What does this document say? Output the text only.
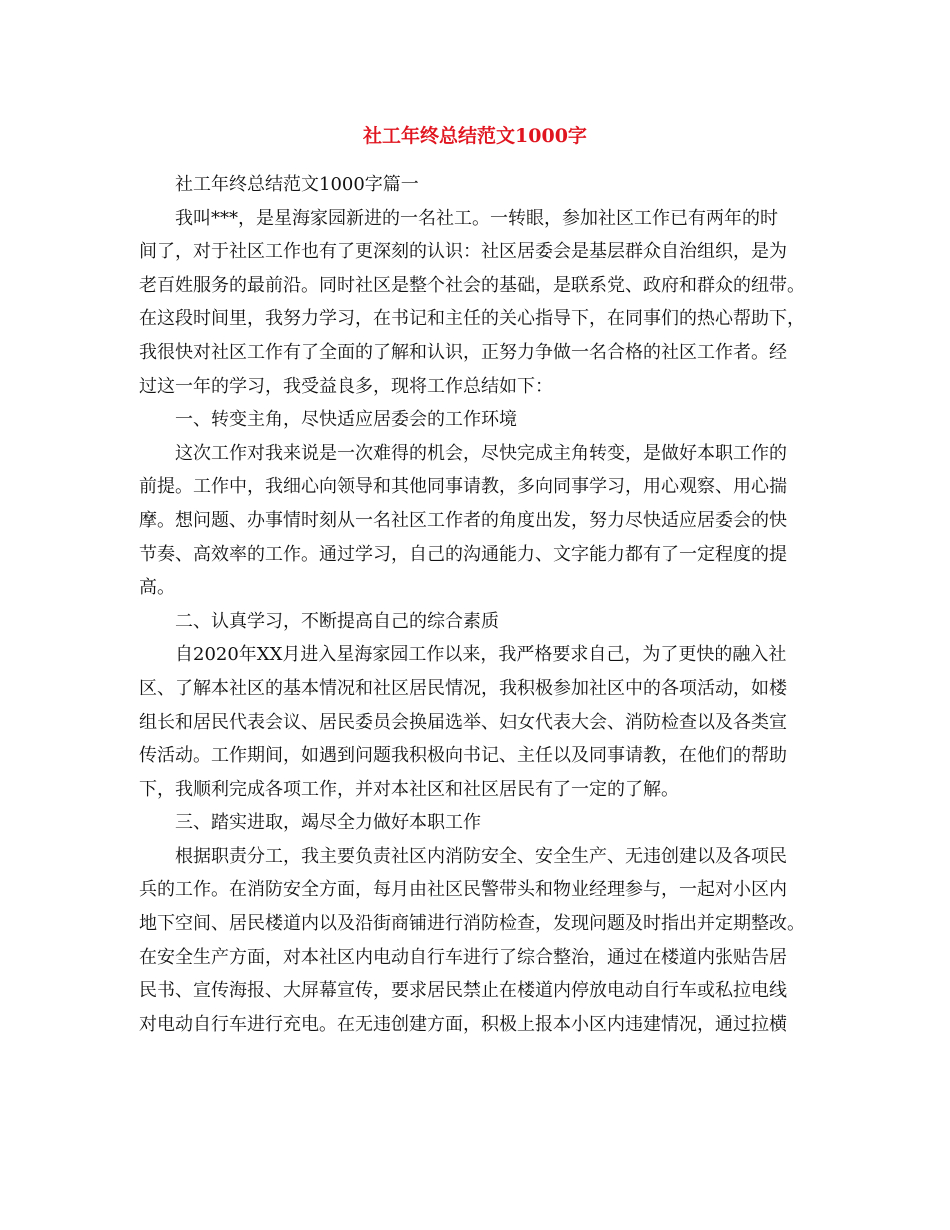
社工年终总结范文1000字
社工年终总结范文1000字篇一
我叫***，是星海家园新进的一名社工。一转眼，参加社区工作已有两年的时
间了，对于社区工作也有了更深刻的认识：社区居委会是基层群众自治组织，是为
老百姓服务的最前沿。同时社区是整个社会的基础，是联系党、政府和群众的纽带。
在这段时间里，我努力学习，在书记和主任的关心指导下，在同事们的热心帮助下，
我很快对社区工作有了全面的了解和认识，正努力争做一名合格的社区工作者。经
过这一年的学习，我受益良多，现将工作总结如下：
一、转变主角，尽快适应居委会的工作环境
这次工作对我来说是一次难得的机会，尽快完成主角转变，是做好本职工作的
前提。工作中，我细心向领导和其他同事请教，多向同事学习，用心观察、用心揣
摩。想问题、办事情时刻从一名社区工作者的角度出发，努力尽快适应居委会的快
节奏、高效率的工作。通过学习，自己的沟通能力、文字能力都有了一定程度的提
高。
二、认真学习，不断提高自己的综合素质
自2020年XX月进入星海家园工作以来，我严格要求自己，为了更快的融入社
区、了解本社区的基本情况和社区居民情况，我积极参加社区中的各项活动，如楼
组长和居民代表会议、居民委员会换届选举、妇女代表大会、消防检查以及各类宣
传活动。工作期间，如遇到问题我积极向书记、主任以及同事请教，在他们的帮助
下，我顺利完成各项工作，并对本社区和社区居民有了一定的了解。
三、踏实进取，竭尽全力做好本职工作
根据职责分工，我主要负责社区内消防安全、安全生产、无违创建以及各项民
兵的工作。在消防安全方面，每月由社区民警带头和物业经理参与，一起对小区内
地下空间、居民楼道内以及沿街商铺进行消防检查，发现问题及时指出并定期整改。
在安全生产方面，对本社区内电动自行车进行了综合整治，通过在楼道内张贴告居
民书、宣传海报、大屏幕宣传，要求居民禁止在楼道内停放电动自行车或私拉电线
对电动自行车进行充电。在无违创建方面，积极上报本小区内违建情况，通过拉横
